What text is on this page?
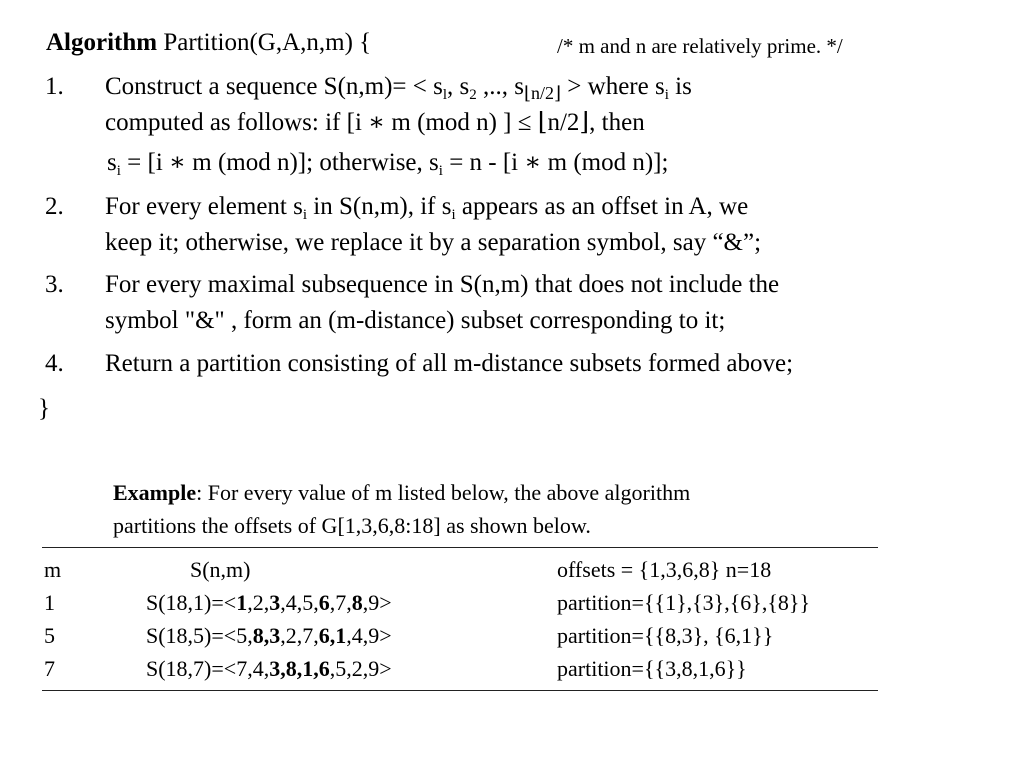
Algorithm Partition(G,A,n,m) {	/* m and n are relatively prime. */
1. Construct a sequence $S(n,m)= < s_l$, $s_2$ ,.., $s_{⌊n/2⌋}$ > where $s_i$ is
computed as follows: if [i ∗ m (mod n) ] ≤ ⌊n/2⌋, then
$s_i = [i$ ∗ m (mod n)]; otherwise, $s_i = n - [i$ ∗ m (mod n)];
2. For every element $s_i$ in S(n,m), if $s_i$ appears as an offset in A, we
keep it; otherwise, we replace it by a separation symbol, say “&”;
3. For every maximal subsequence in S(n,m) that does not include the
symbol "&" , form an (m-distance) subset corresponding to it;
4. Return a partition consisting of all m-distance subsets formed above;
}
Example: For every value of m listed below, the above algorithm
partitions the offsets of G[1,3,6,8:18] as shown below.
m	S(n,m)	offsets = {1,3,6,8} n=18
1	S(18,1)=<1,2,3,4,5,6,7,8,9>	partition={{1},{3},{6},{8}}
5	S(18,5)=<5,8,3,2,7,6,1,4,9>	partition={{8,3}, {6,1}}
7	S(18,7)=<7,4,3,8,1,6,5,2,9>	partition={{3,8,1,6}}
